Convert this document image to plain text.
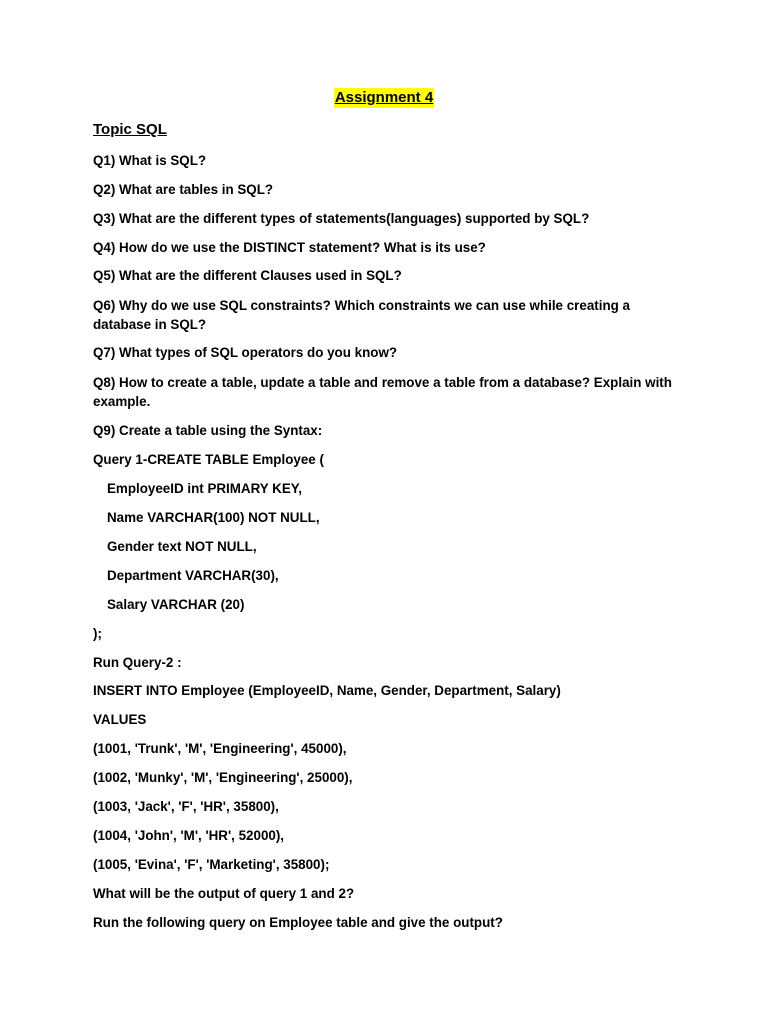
Assignment 4
Topic SQL
Q1) What is SQL?
Q2) What are tables in SQL?
Q3) What are the different types of statements(languages) supported by SQL?
Q4) How do we use the DISTINCT statement? What is its use?
Q5) What are the different Clauses used in SQL?
Q6) Why do we use SQL constraints? Which constraints we can use while creating a database in SQL?
Q7) What types of SQL operators do you know?
Q8) How to create a table, update a table and remove a table from a database? Explain with example.
Q9) Create a table using the Syntax:
Query 1-CREATE TABLE Employee (
EmployeeID int PRIMARY KEY,
Name VARCHAR(100) NOT NULL,
Gender text NOT NULL,
Department VARCHAR(30),
Salary VARCHAR (20)
);
Run Query-2 :
INSERT INTO Employee (EmployeeID, Name, Gender, Department, Salary)
VALUES
(1001, 'Trunk', 'M', 'Engineering', 45000),
(1002, 'Munky', 'M', 'Engineering', 25000),
(1003, 'Jack', 'F', 'HR', 35800),
(1004, 'John', 'M', 'HR', 52000),
(1005, 'Evina', 'F', 'Marketing', 35800);
What will be the output of query 1 and 2?
Run the following query on Employee table and give the output?
